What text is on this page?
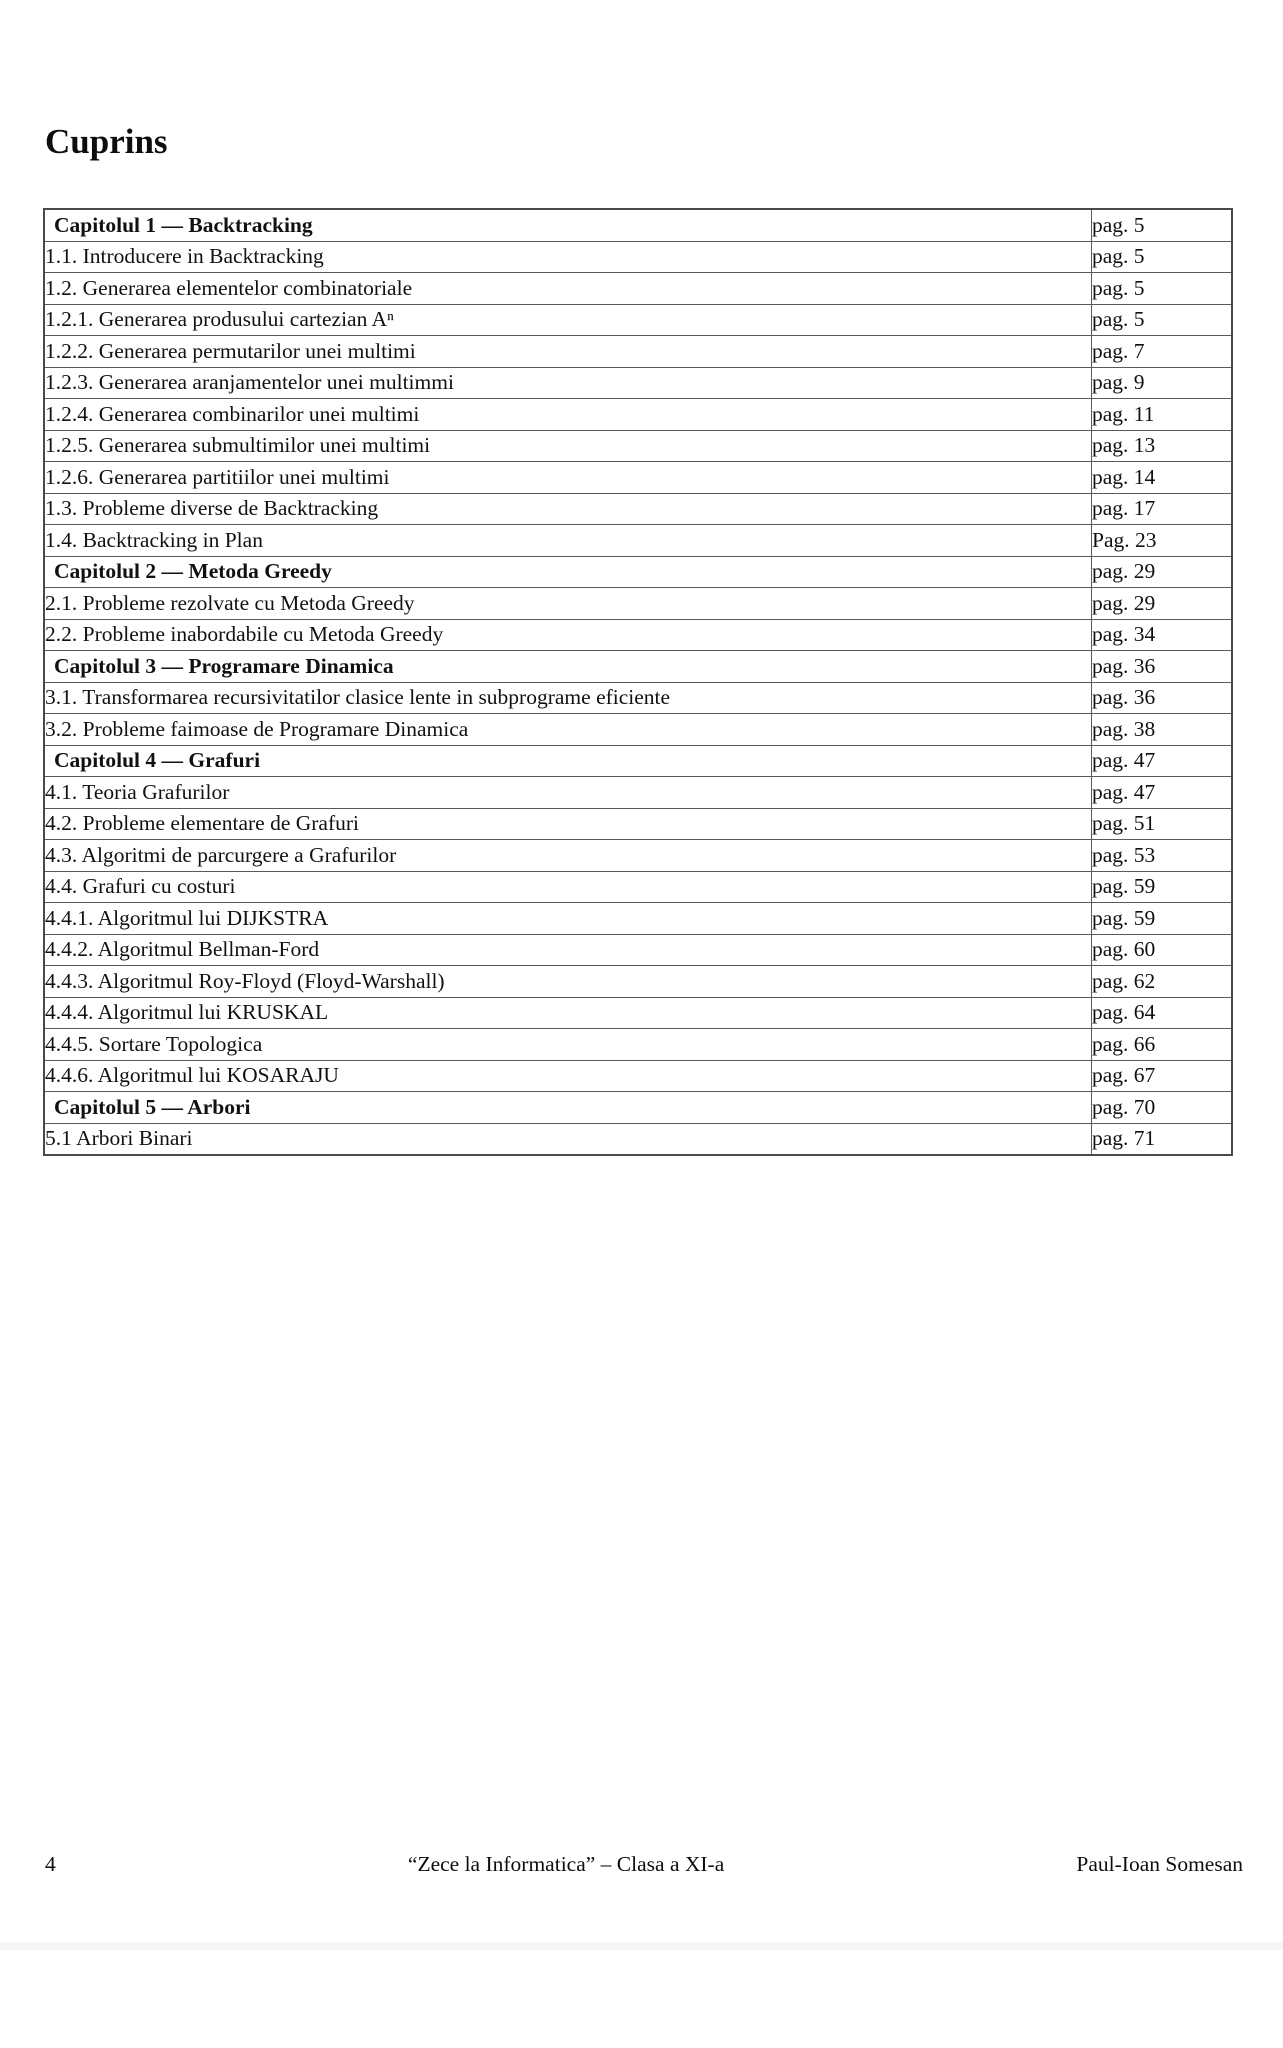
Cuprins
Capitolul 1 — Backtracking	pag. 5
1.1. Introducere in Backtracking	pag. 5
1.2. Generarea elementelor combinatoriale	pag. 5
1.2.1. Generarea produsului cartezian Aⁿ	pag. 5
1.2.2. Generarea permutarilor unei multimi	pag. 7
1.2.3. Generarea aranjamentelor unei multimmi	pag. 9
1.2.4. Generarea combinarilor unei multimi	pag. 11
1.2.5. Generarea submultimilor unei multimi	pag. 13
1.2.6. Generarea partitiilor unei multimi	pag. 14
1.3. Probleme diverse de Backtracking	pag. 17
1.4. Backtracking in Plan	Pag. 23
Capitolul 2 — Metoda Greedy	pag. 29
2.1. Probleme rezolvate cu Metoda Greedy	pag. 29
2.2. Probleme inabordabile cu Metoda Greedy	pag. 34
Capitolul 3 — Programare Dinamica	pag. 36
3.1. Transformarea recursivitatilor clasice lente in subprograme eficiente	pag. 36
3.2. Probleme faimoase de Programare Dinamica	pag. 38
Capitolul 4 — Grafuri	pag. 47
4.1. Teoria Grafurilor	pag. 47
4.2. Probleme elementare de Grafuri	pag. 51
4.3. Algoritmi de parcurgere a Grafurilor	pag. 53
4.4. Grafuri cu costuri	pag. 59
4.4.1. Algoritmul lui DIJKSTRA	pag. 59
4.4.2. Algoritmul Bellman-Ford	pag. 60
4.4.3. Algoritmul Roy-Floyd (Floyd-Warshall)	pag. 62
4.4.4. Algoritmul lui KRUSKAL	pag. 64
4.4.5. Sortare Topologica	pag. 66
4.4.6. Algoritmul lui KOSARAJU	pag. 67
Capitolul 5 — Arbori	pag. 70
5.1 Arbori Binari	pag. 71
4	“Zece la Informatica” – Clasa a XI-a	Paul-Ioan Somesan
